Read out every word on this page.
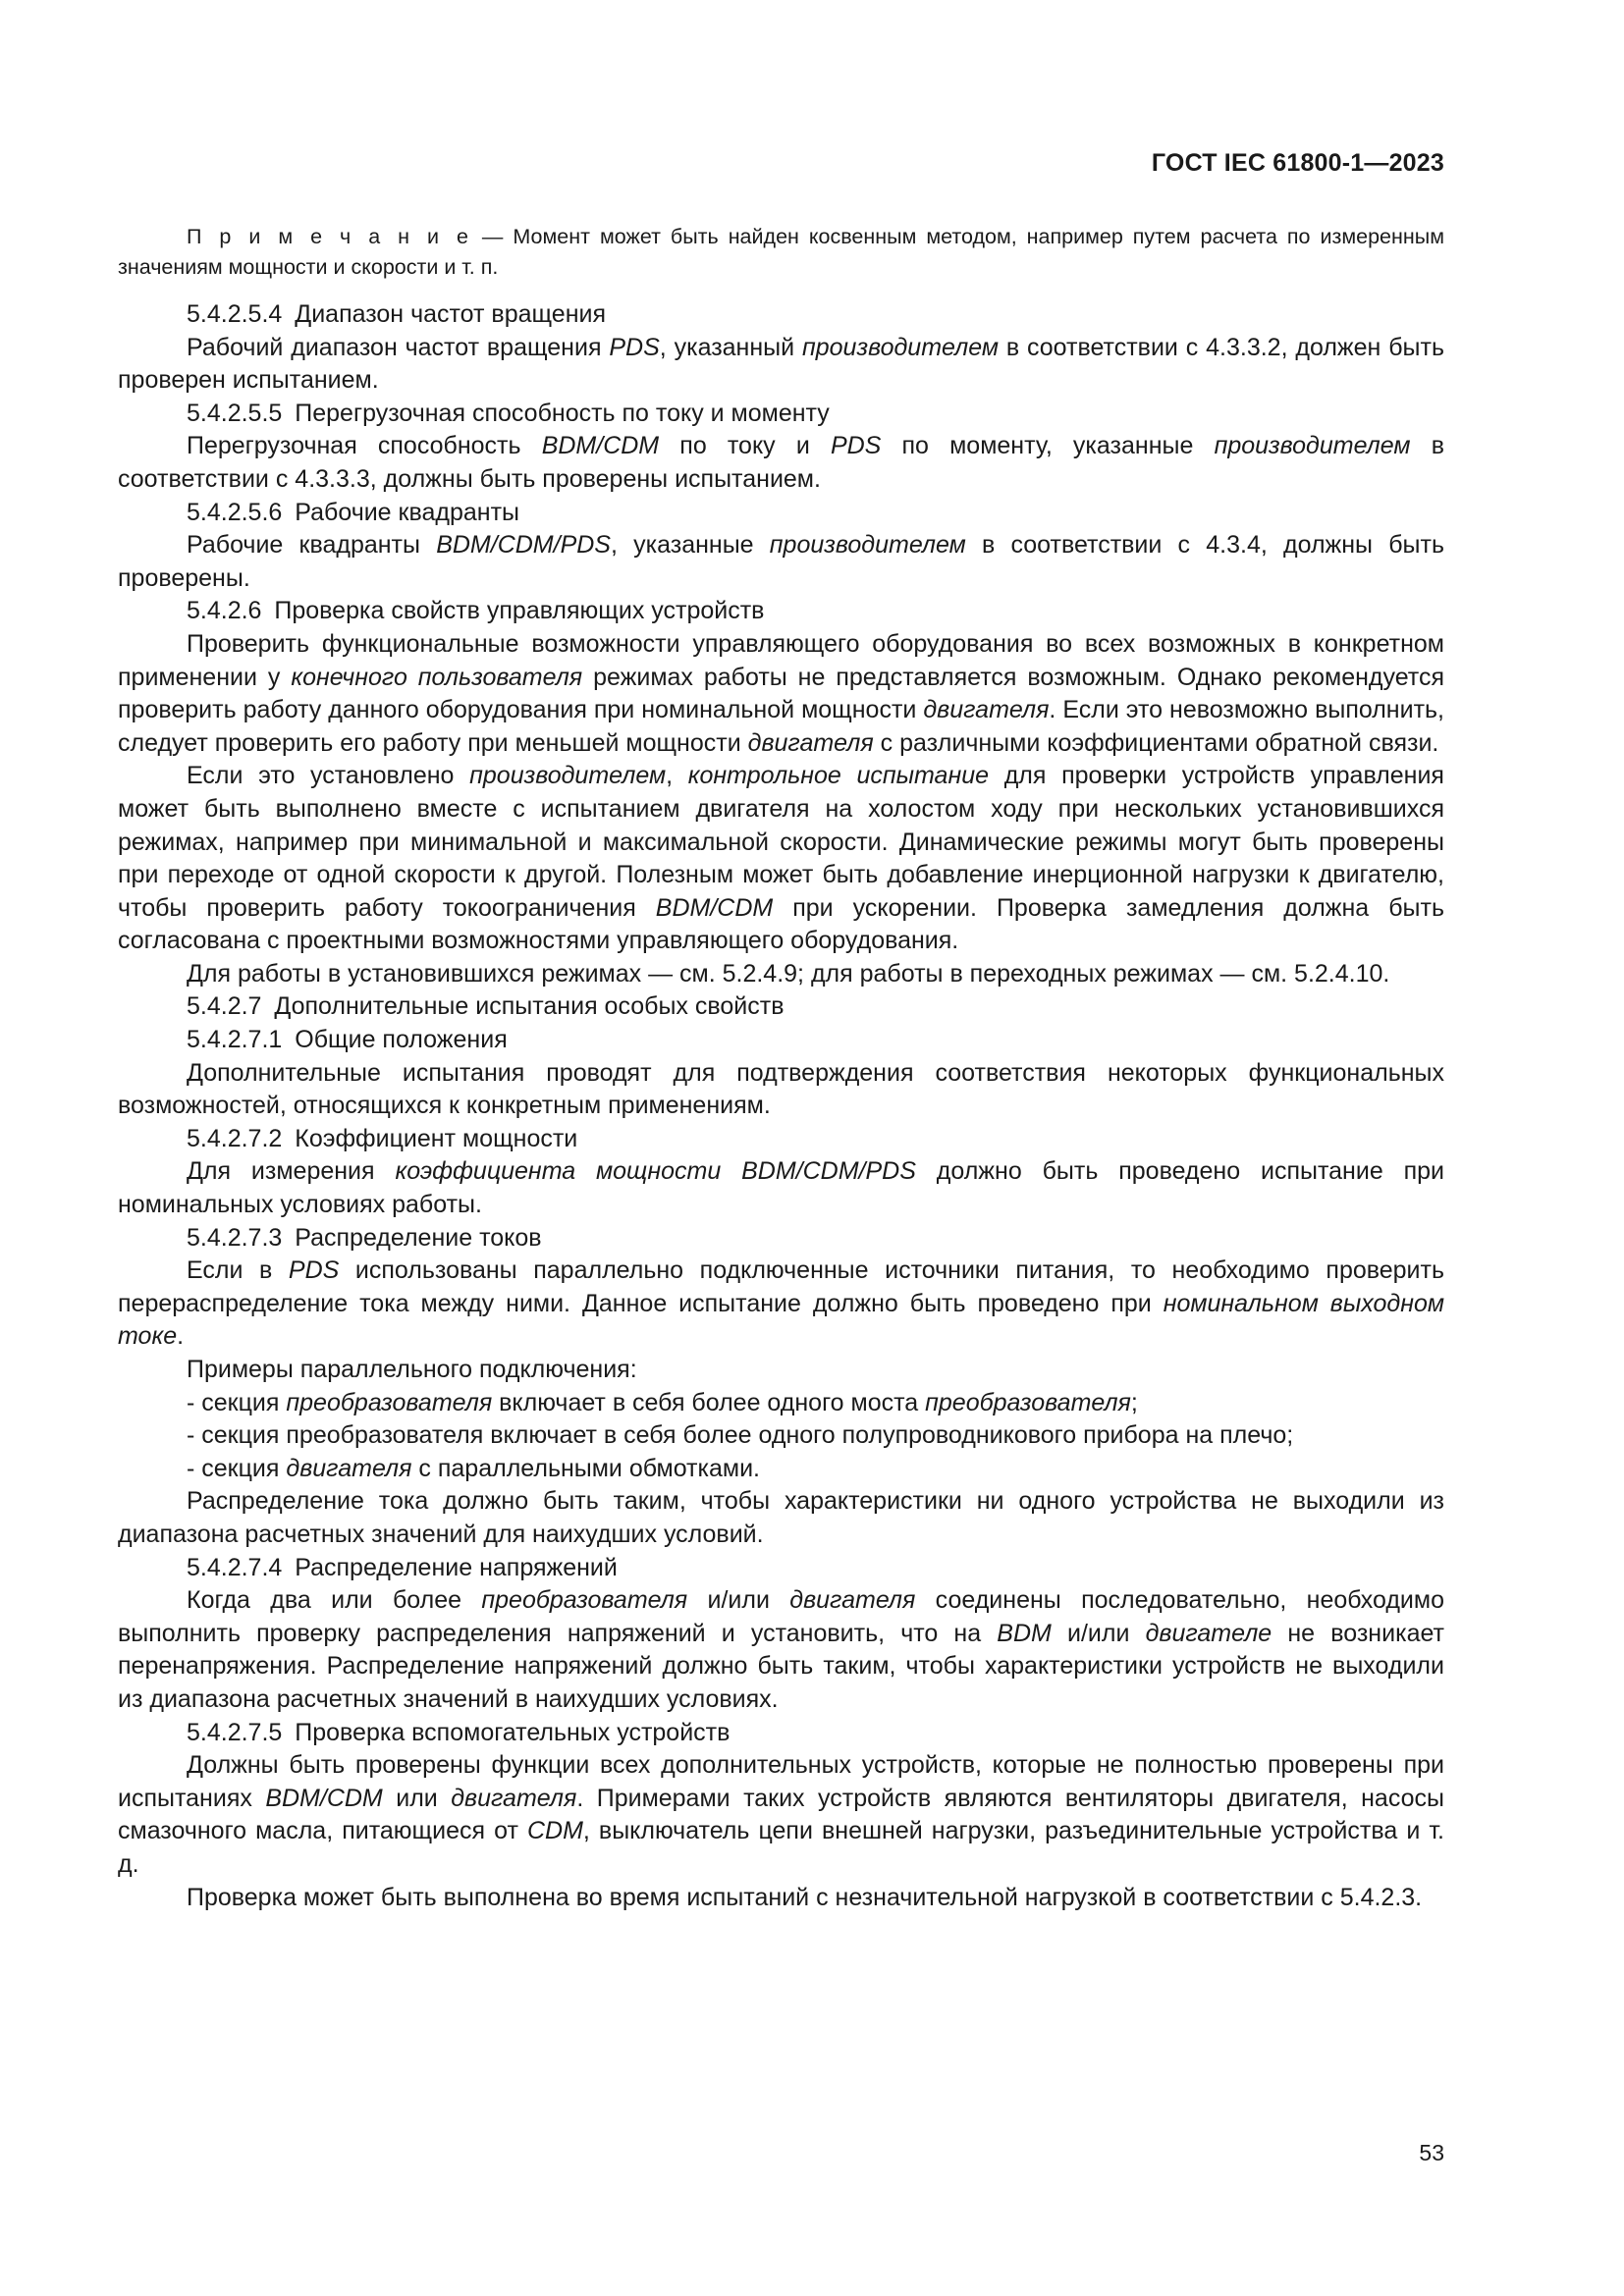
ГОСТ IEC 61800-1—2023

П р и м е ч а н и е — Момент может быть найден косвенным методом, например путем расчета по измеренным значениям мощности и скорости и т. п.

5.4.2.5.4 Диапазон частот вращения

Рабочий диапазон частот вращения PDS, указанный производителем в соответствии с 4.3.3.2, должен быть проверен испытанием.

5.4.2.5.5 Перегрузочная способность по току и моменту

Перегрузочная способность BDM/CDM по току и PDS по моменту, указанные производителем в соответствии с 4.3.3.3, должны быть проверены испытанием.

5.4.2.5.6 Рабочие квадранты

Рабочие квадранты BDM/CDM/PDS, указанные производителем в соответствии с 4.3.4, должны быть проверены.

5.4.2.6 Проверка свойств управляющих устройств

Проверить функциональные возможности управляющего оборудования во всех возможных в конкретном применении у конечного пользователя режимах работы не представляется возможным. Однако рекомендуется проверить работу данного оборудования при номинальной мощности двигателя. Если это невозможно выполнить, следует проверить его работу при меньшей мощности двигателя с различными коэффициентами обратной связи.

Если это установлено производителем, контрольное испытание для проверки устройств управления может быть выполнено вместе с испытанием двигателя на холостом ходу при нескольких установившихся режимах, например при минимальной и максимальной скорости. Динамические режимы могут быть проверены при переходе от одной скорости к другой. Полезным может быть добавление инерционной нагрузки к двигателю, чтобы проверить работу токоограничения BDM/CDM при ускорении. Проверка замедления должна быть согласована с проектными возможностями управляющего оборудования.

Для работы в установившихся режимах — см. 5.2.4.9; для работы в переходных режимах — см. 5.2.4.10.

5.4.2.7 Дополнительные испытания особых свойств

5.4.2.7.1 Общие положения

Дополнительные испытания проводят для подтверждения соответствия некоторых функциональных возможностей, относящихся к конкретным применениям.

5.4.2.7.2 Коэффициент мощности

Для измерения коэффициента мощности BDM/CDM/PDS должно быть проведено испытание при номинальных условиях работы.

5.4.2.7.3 Распределение токов

Если в PDS использованы параллельно подключенные источники питания, то необходимо проверить перераспределение тока между ними. Данное испытание должно быть проведено при номинальном выходном токе.

Примеры параллельного подключения:

- секция преобразователя включает в себя более одного моста преобразователя;

- секция преобразователя включает в себя более одного полупроводникового прибора на плечо;

- секция двигателя с параллельными обмотками.

Распределение тока должно быть таким, чтобы характеристики ни одного устройства не выходили из диапазона расчетных значений для наихудших условий.

5.4.2.7.4 Распределение напряжений

Когда два или более преобразователя и/или двигателя соединены последовательно, необходимо выполнить проверку распределения напряжений и установить, что на BDM и/или двигателе не возникает перенапряжения. Распределение напряжений должно быть таким, чтобы характеристики устройств не выходили из диапазона расчетных значений в наихудших условиях.

5.4.2.7.5 Проверка вспомогательных устройств

Должны быть проверены функции всех дополнительных устройств, которые не полностью проверены при испытаниях BDM/CDM или двигателя. Примерами таких устройств являются вентиляторы двигателя, насосы смазочного масла, питающиеся от CDM, выключатель цепи внешней нагрузки, разъединительные устройства и т. д.

Проверка может быть выполнена во время испытаний с незначительной нагрузкой в соответствии с 5.4.2.3.

53
